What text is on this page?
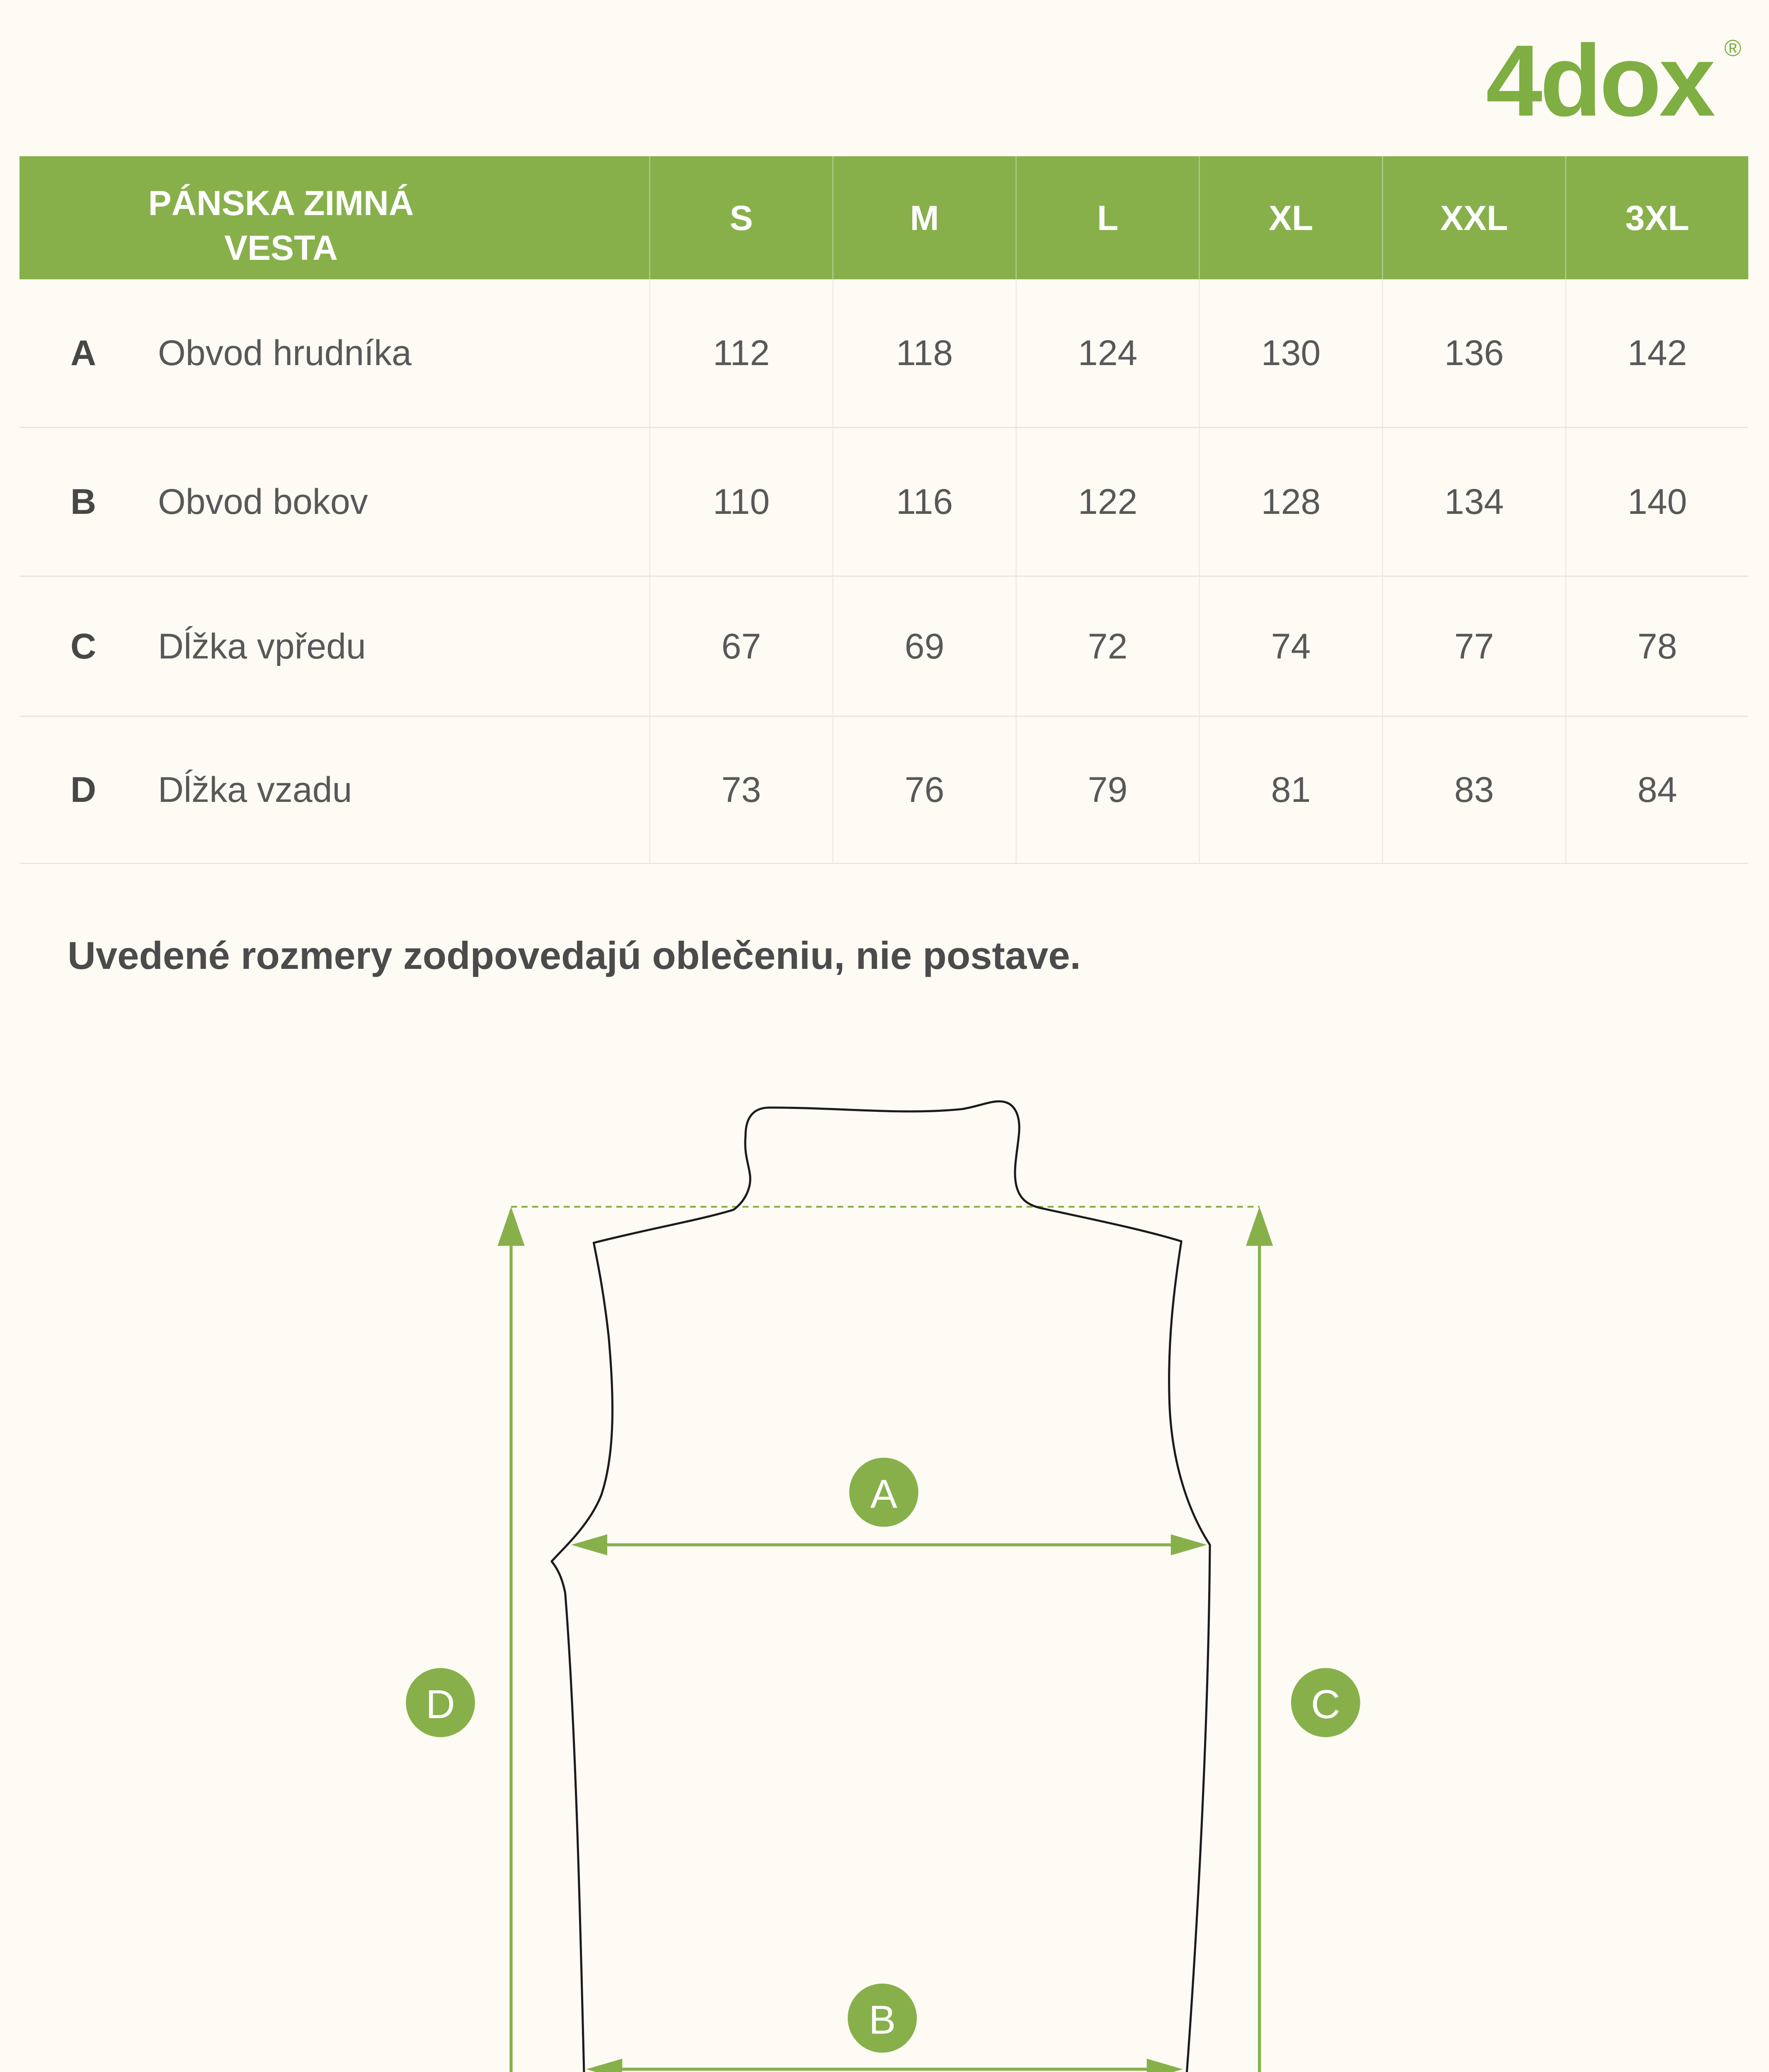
4dox ®
PÁNSKA ZIMNÁ
VESTA
S	M	L	XL	XXL	3XL
A	Obvod hrudníka	112	118	124	130	136	142
B	Obvod bokov	110	116	122	128	134	140
C	Dĺžka vpředu	67	69	72	74	77	78
D	Dĺžka vzadu	73	76	79	81	83	84
Uvedené rozmery zodpovedajú oblečeniu, nie postave.
A
B
C
D
